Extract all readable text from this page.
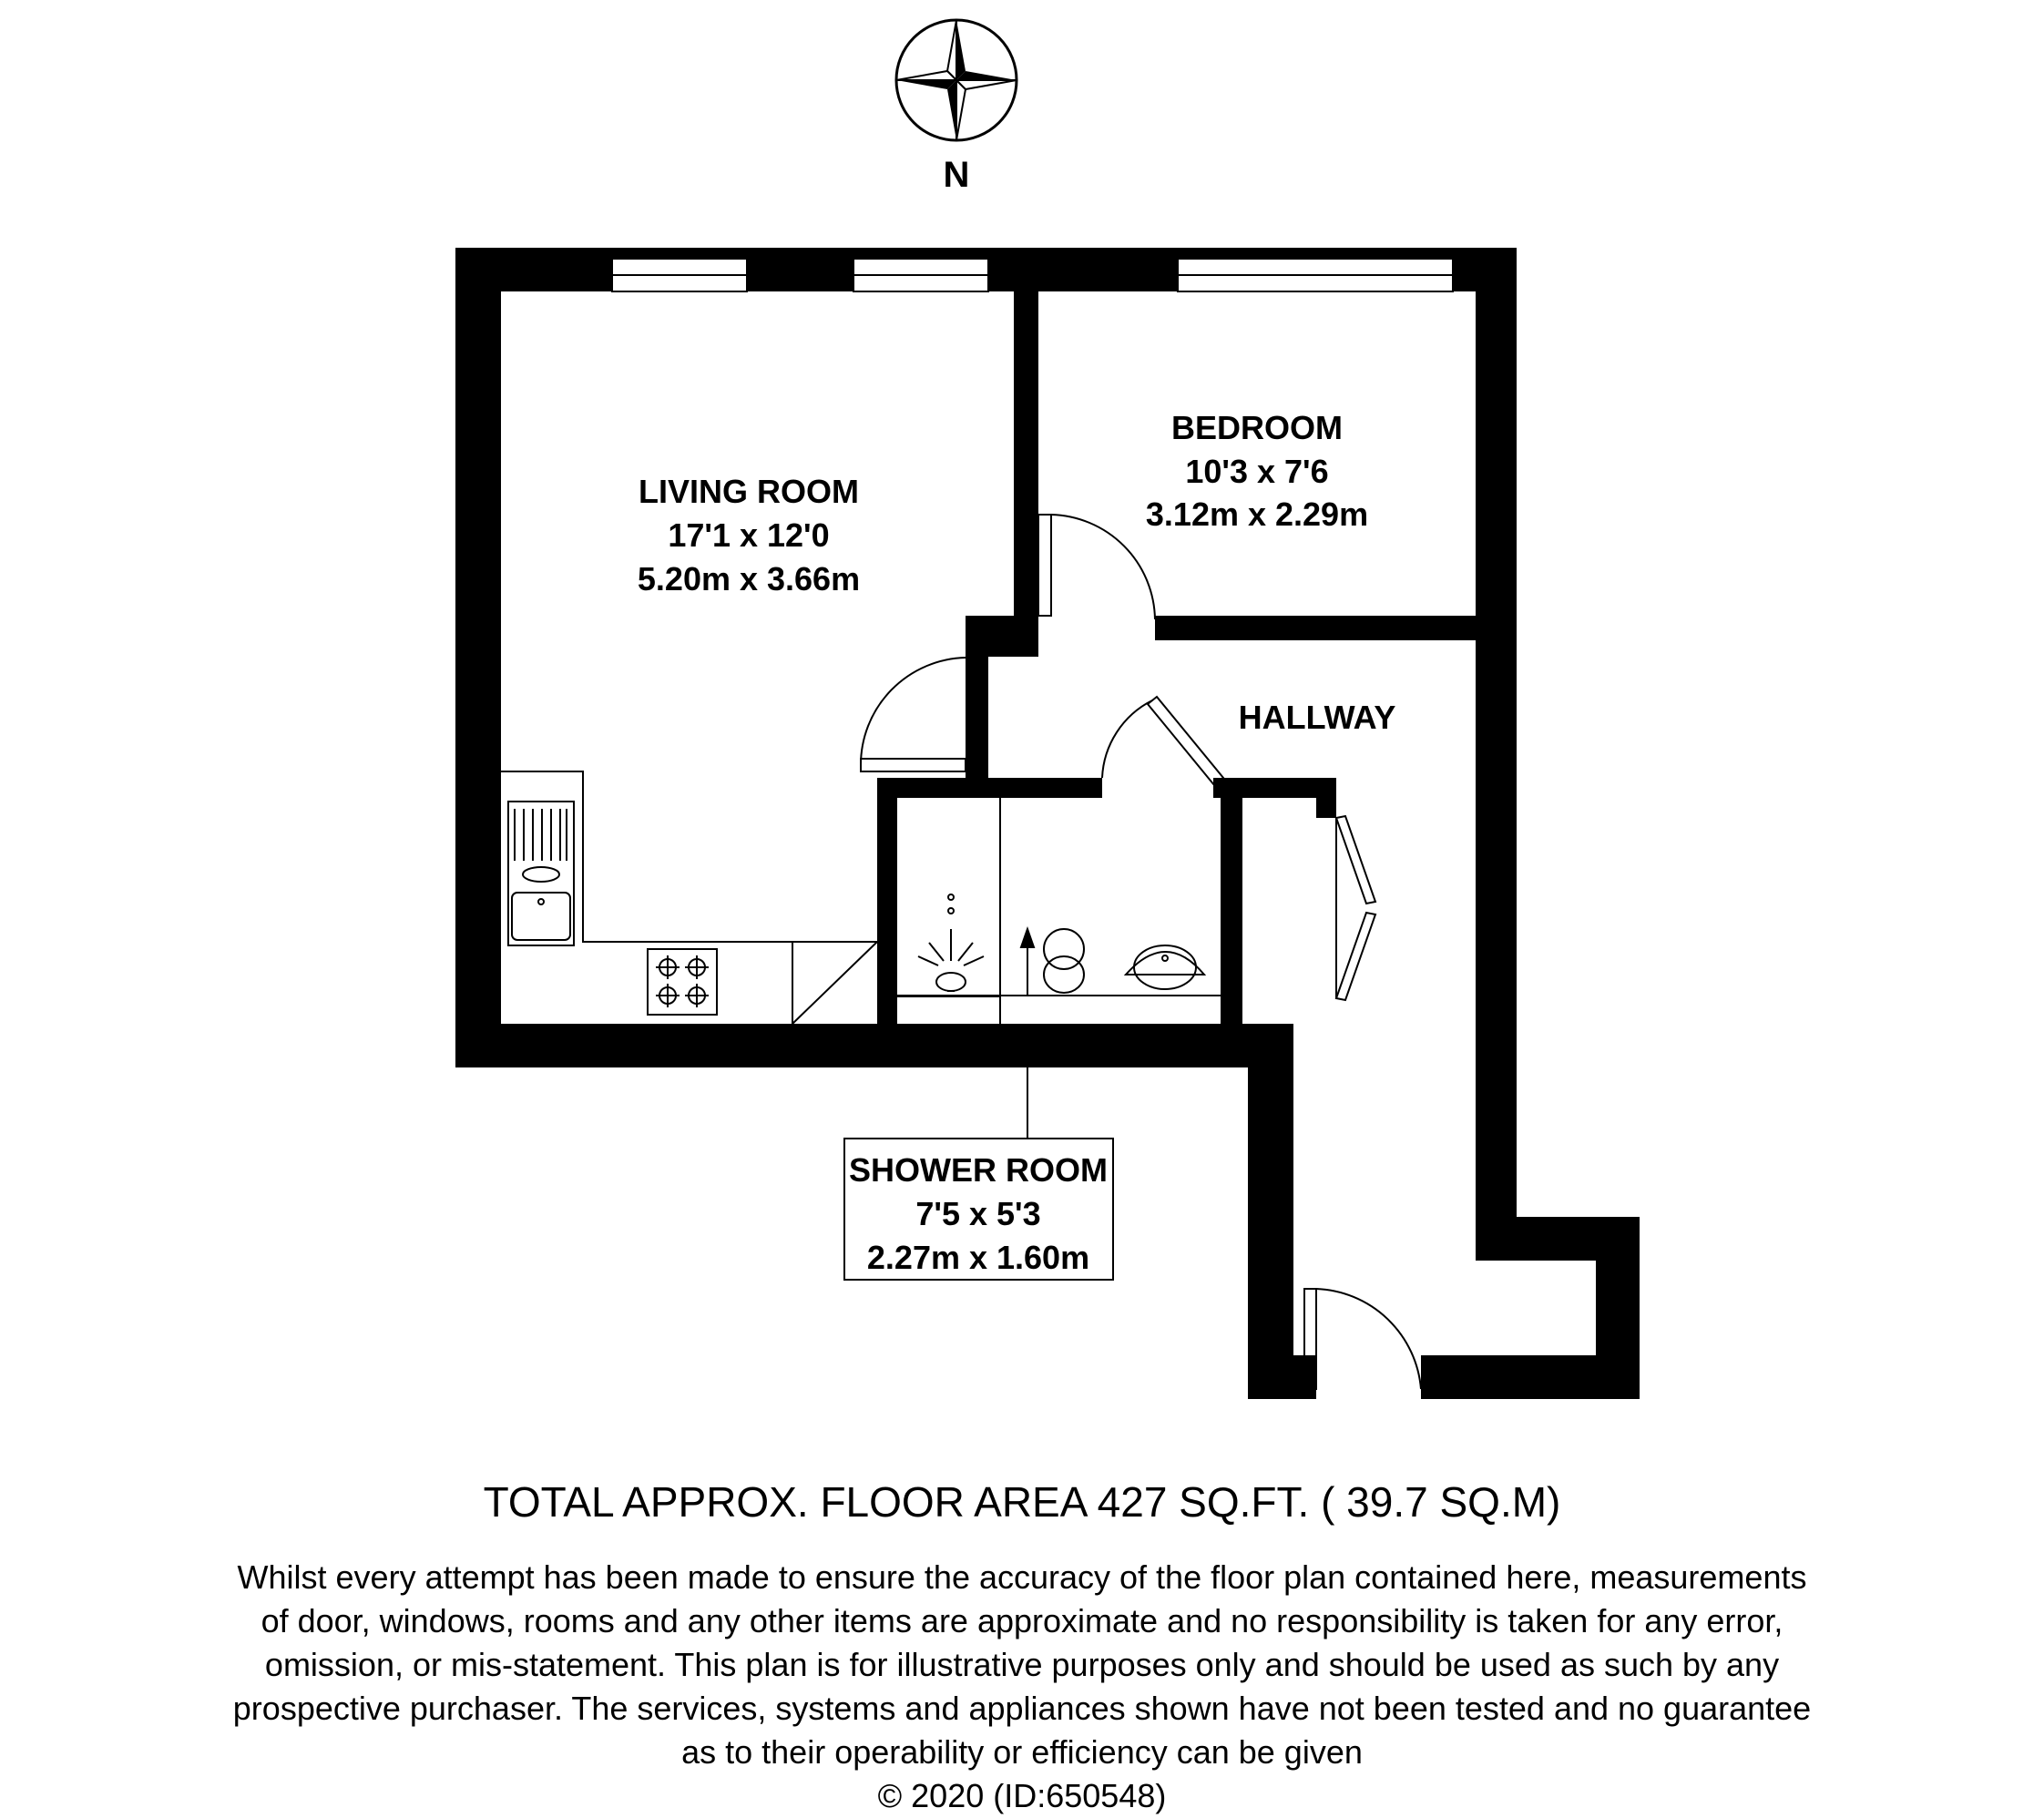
N
LIVING ROOM
17'1 x 12'0
5.20m x 3.66m
BEDROOM
10'3 x 7'6
3.12m x 2.29m
HALLWAY
SHOWER ROOM
7'5 x 5'3
2.27m x 1.60m

TOTAL APPROX. FLOOR AREA 427 SQ.FT. ( 39.7 SQ.M)

Whilst every attempt has been made to ensure the accuracy of the floor plan contained here, measurements
of door, windows, rooms and any other items are approximate and no responsibility is taken for any error,
omission, or mis-statement. This plan is for illustrative purposes only and should be used as such by any
prospective purchaser. The services, systems and appliances shown have not been tested and no guarantee
as to their operability or efficiency can be given
© 2020 (ID:650548)
